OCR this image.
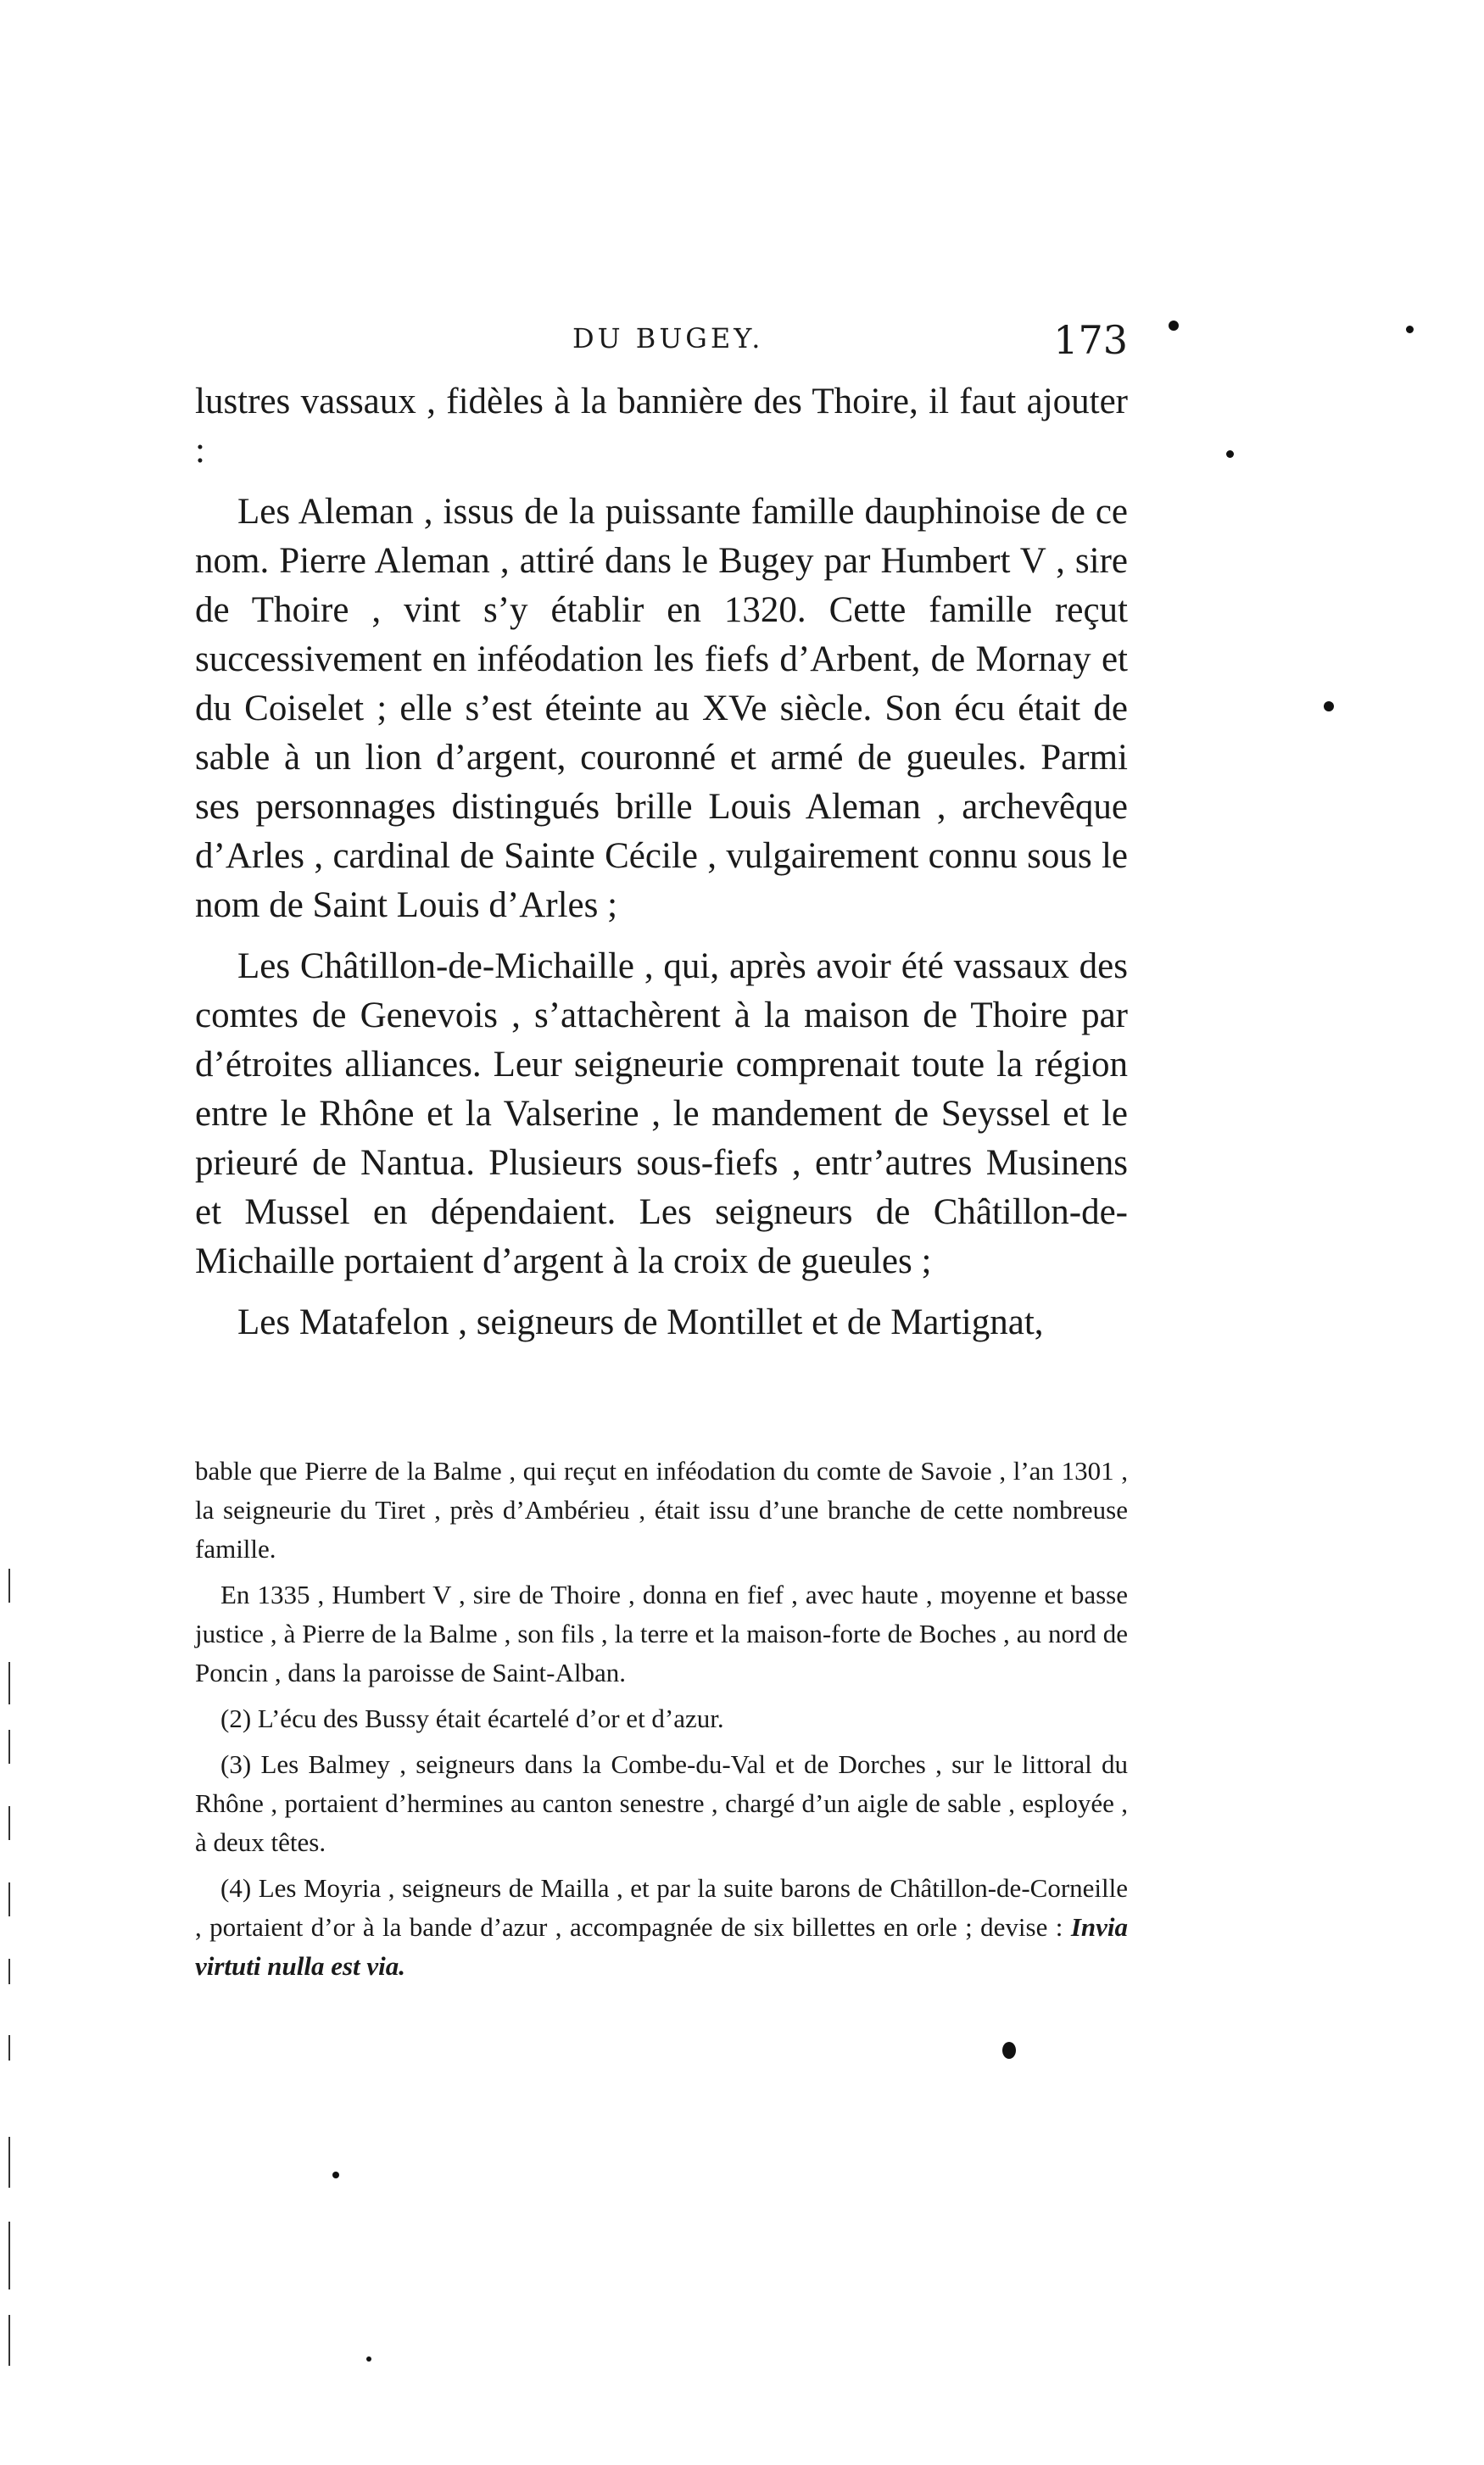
DU BUGEY.	173

lustres vassaux , fidèles à la bannière des Thoire, il faut ajouter :

Les Aleman , issus de la puissante famille dauphinoise de ce nom. Pierre Aleman , attiré dans le Bugey par Humbert V , sire de Thoire , vint s’y établir en 1320. Cette famille reçut successivement en inféodation les fiefs d’Arbent, de Mornay et du Coiselet ; elle s’est éteinte au XVe siècle. Son écu était de sable à un lion d’argent, couronné et armé de gueules. Parmi ses personnages distingués brille Louis Aleman , archevêque d’Arles , cardinal de Sainte Cécile , vulgairement connu sous le nom de Saint Louis d’Arles ;

Les Châtillon-de-Michaille , qui, après avoir été vassaux des comtes de Genevois , s’attachèrent à la maison de Thoire par d’étroites alliances. Leur seigneurie comprenait toute la région entre le Rhône et la Valserine , le mandement de Seyssel et le prieuré de Nantua. Plusieurs sous-fiefs , entr’autres Musinens et Mussel en dépendaient. Les seigneurs de Châtillon-de-Michaille portaient d’argent à la croix de gueules ;

Les Matafelon , seigneurs de Montillet et de Martignat,

bable que Pierre de la Balme , qui reçut en inféodation du comte de Savoie , l’an 1301 , la seigneurie du Tiret , près d’Ambérieu , était issu d’une branche de cette nombreuse famille.

En 1335 , Humbert V , sire de Thoire , donna en fief , avec haute , moyenne et basse justice , à Pierre de la Balme , son fils , la terre et la maison-forte de Boches , au nord de Poncin , dans la paroisse de Saint-Alban.

(2) L’écu des Bussy était écartelé d’or et d’azur.

(3) Les Balmey , seigneurs dans la Combe-du-Val et de Dorches , sur le littoral du Rhône , portaient d’hermines au canton senestre , chargé d’un aigle de sable , esployée , à deux têtes.

(4) Les Moyria , seigneurs de Mailla , et par la suite barons de Châtillon-de-Corneille , portaient d’or à la bande d’azur , accompagnée de six billettes en orle ; devise : Invia virtuti nulla est via.
